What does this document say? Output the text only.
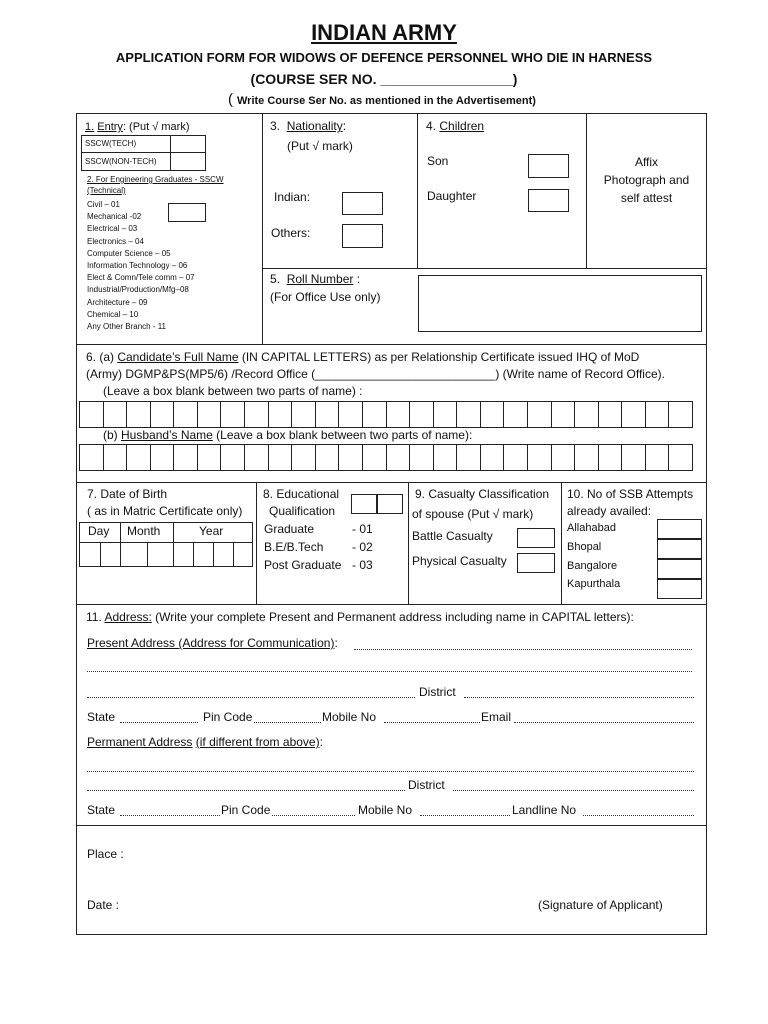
INDIAN ARMY
APPLICATION FORM FOR WIDOWS OF DEFENCE PERSONNEL WHO DIE IN HARNESS
(COURSE SER NO. _________________)
( Write Course Ser No. as mentioned in the Advertisement)
1. Entry: (Put √ mark)
SSCW(TECH)
SSCW(NON-TECH)
2. For Engineering Graduates - SSCW (Technical)
Civil – 01
Mechanical -02
Electrical – 03
Electronics – 04
Computer Science – 05
Information Technology – 06
Elect & Comn/Tele comm – 07
Industrial/Production/Mfg–08
Architecture – 09
Chemical – 10
Any Other Branch - 11
3. Nationality:
(Put √ mark)
Indian:
Others:
4. Children
Son
Daughter
Affix
Photograph and
self attest
5. Roll Number :
(For Office Use only)
6. (a) Candidate’s Full Name (IN CAPITAL LETTERS) as per Relationship Certificate issued IHQ of MoD
(Army) DGMP&PS(MP5/6) /Record Office (___________________________) (Write name of Record Office).
(Leave a box blank between two parts of name) :
(b) Husband’s Name (Leave a box blank between two parts of name):
7. Date of Birth
( as in Matric Certificate only)
Day Month	Year
8. Educational
Qualification
Graduate	- 01
B.E/B.Tech - 02
Post Graduate - 03
9. Casualty Classification
of spouse (Put √ mark)
Battle Casualty
Physical Casualty
10. No of SSB Attempts
already availed:
Allahabad
Bhopal
Bangalore
Kapurthala
11. Address: (Write your complete Present and Permanent address including name in CAPITAL letters):
Present Address (Address for Communication):
District
State	Pin Code	Mobile No	Email
Permanent Address (if different from above):
District
State	Pin Code	Mobile No	Landline No
Place :
Date :	(Signature of Applicant)
